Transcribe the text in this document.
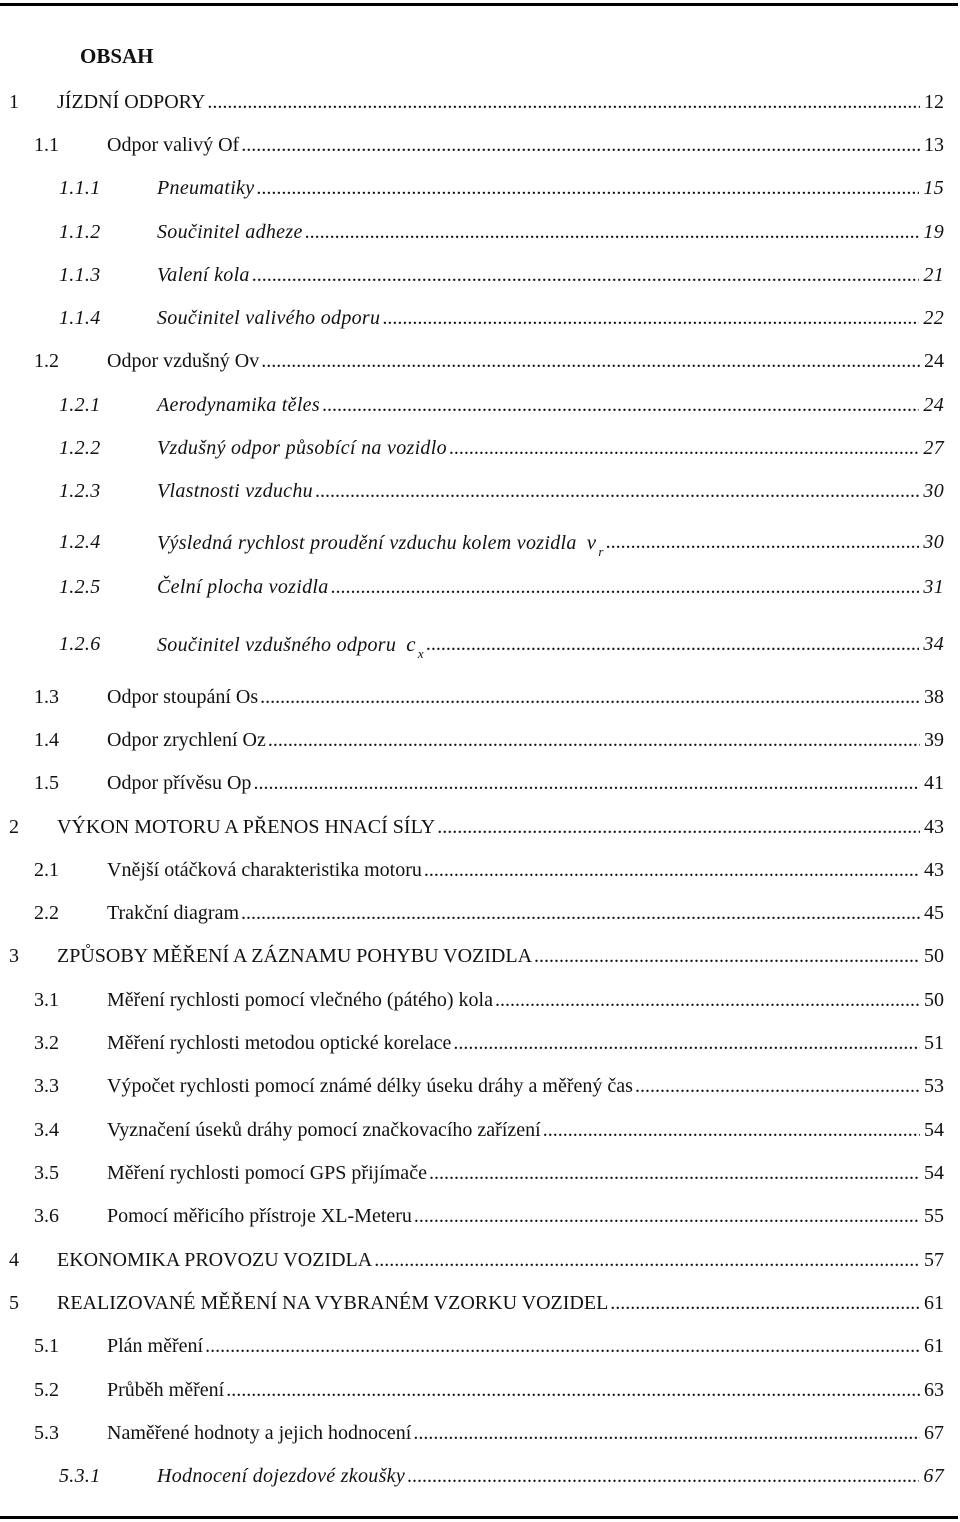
OBSAH
1 JÍZDNÍ ODPORY .....	12
1.1 Odpor valivý Of .....	13
1.1.1	Pneumatiky .....	15
1.1.2	Součinitel adheze .....	19
1.1.3	Valení kola .....	21
1.1.4	Součinitel valivého odporu .....	22
1.2 Odpor vzdušný Ov .....	24
1.2.1	Aerodynamika těles .....	24
1.2.2	Vzdušný odpor působící na vozidlo .....	27
1.2.3	Vlastnosti vzduchu .....	30
1.2.4	Výsledná rychlost proudění vzduchu kolem vozidla v $_r$ .....	30
1.2.5	Čelní plocha vozidla .....	31
1.2.6	Součinitel vzdušného odporu c $_x$ .....	34
1.3 Odpor stoupání Os .....	38
1.4 Odpor zrychlení Oz .....	39
1.5 Odpor přívěsu Op .....	41
2 VÝKON MOTORU A PŘENOS HNACÍ SÍLY .....	43
2.1 Vnější otáčková charakteristika motoru .....	43
2.2 Trakční diagram .....	45
3 ZPŮSOBY MĚŘENÍ A ZÁZNAMU POHYBU VOZIDLA .....	50
3.1 Měření rychlosti pomocí vlečného (pátého) kola .....	50
3.2 Měření rychlosti metodou optické korelace .....	51
3.3 Výpočet rychlosti pomocí známé délky úseku dráhy a měřený čas .....	53
3.4 Vyznačení úseků dráhy pomocí značkovacího zařízení .....	54
3.5 Měření rychlosti pomocí GPS přijímače .....	54
3.6 Pomocí měřicího přístroje XL-Meteru .....	55
4 EKONOMIKA PROVOZU VOZIDLA .....	57
5 REALIZOVANÉ MĚŘENÍ NA VYBRANÉM VZORKU VOZIDEL .....	61
5.1 Plán měření .....	61
5.2 Průběh měření .....	63
5.3 Naměřené hodnoty a jejich hodnocení .....	67
5.3.1	Hodnocení dojezdové zkoušky .....	67
